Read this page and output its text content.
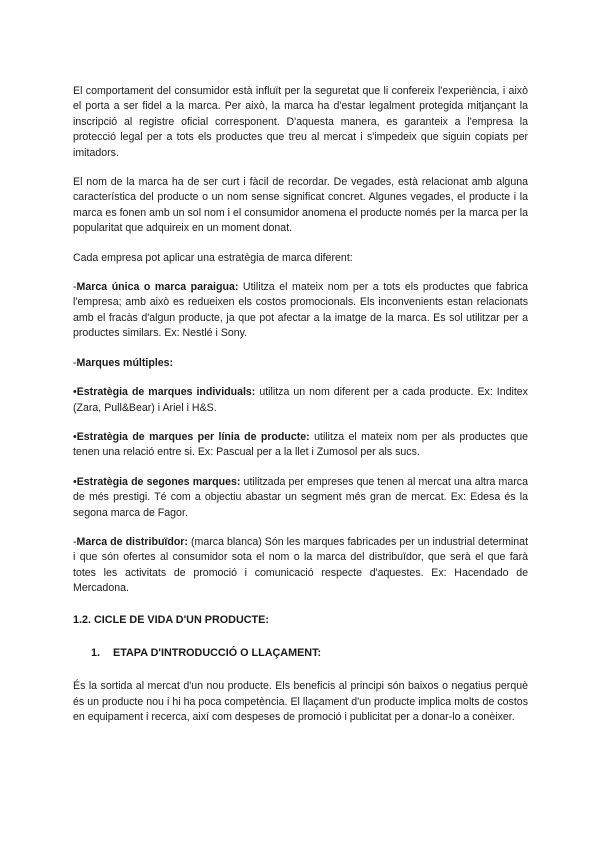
El comportament del consumidor està influït per la seguretat que li confereix l'experiència, i això el porta a ser fidel a la marca. Per això, la marca ha d'estar legalment protegida mitjançant la inscripció al registre oficial corresponent. D'aquesta manera, es garanteix a l'empresa la protecció legal per a tots els productes que treu al mercat i s'impedeix que siguin copiats per imitadors.

El nom de la marca ha de ser curt i fàcil de recordar. De vegades, està relacionat amb alguna característica del producte o un nom sense significat concret. Algunes vegades, el producte i la marca es fonen amb un sol nom i el consumidor anomena el producte només per la marca per la popularitat que adquireix en un moment donat.

Cada empresa pot aplicar una estratègia de marca diferent:

-Marca única o marca paraigua: Utilitza el mateix nom per a tots els productes que fabrica l'empresa; amb això es redueixen els costos promocionals. Els inconvenients estan relacionats amb el fracàs d'algun producte, ja que pot afectar a la imatge de la marca. Es sol utilitzar per a productes similars. Ex: Nestlé i Sony.

-Marques múltiples:

•Estratègia de marques individuals: utilitza un nom diferent per a cada producte. Ex: Inditex (Zara, Pull&Bear) i Ariel i H&S.

•Estratègia de marques per línia de producte: utilitza el mateix nom per als productes que tenen una relació entre si. Ex: Pascual per a la llet i Zumosol per als sucs.

•Estratègia de segones marques: utilitzada per empreses que tenen al mercat una altra marca de més prestigi. Té com a objectiu abastar un segment més gran de mercat. Ex: Edesa és la segona marca de Fagor.

-Marca de distribuïdor: (marca blanca) Són les marques fabricades per un industrial determinat i que són ofertes al consumidor sota el nom o la marca del distribuïdor, que serà el que farà totes les activitats de promoció i comunicació respecte d'aquestes. Ex: Hacendado de Mercadona.

1.2. CICLE DE VIDA D'UN PRODUCTE:
1. ETAPA D'INTRODUCCIÓ O LLAÇAMENT:

És la sortida al mercat d'un nou producte. Els beneficis al principi són baixos o negatius perquè és un producte nou i hi ha poca competència. El llaçament d'un producte implica molts de costos en equipament i recerca, així com despeses de promoció i publicitat per a donar-lo a conèixer.
